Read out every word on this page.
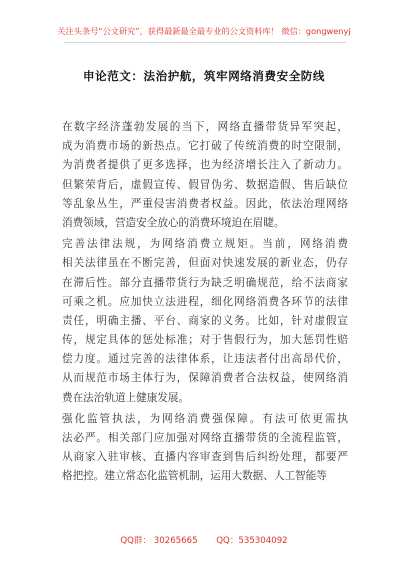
关注头条号“公文研究”，获得最新最全最专业的公文资料库！ 微信：gongwenyj
申论范文：法治护航，筑牢网络消费安全防线
在数字经济蓬勃发展的当下，网络直播带货异军突起，
成为消费市场的新热点。它打破了传统消费的时空限制，
为消费者提供了更多选择，也为经济增长注入了新动力。
但繁荣背后，虚假宣传、假冒伪劣、数据造假、售后缺位
等乱象丛生，严重侵害消费者权益。因此，依法治理网络
消费领域，营造安全放心的消费环境迫在眉睫。
完善法律法规，为网络消费立规矩。当前，网络消费
相关法律虽在不断完善，但面对快速发展的新业态，仍存
在滞后性。部分直播带货行为缺乏明确规范，给不法商家
可乘之机。应加快立法进程，细化网络消费各环节的法律
责任，明确主播、平台、商家的义务。比如，针对虚假宣
传，规定具体的惩处标准；对于售假行为，加大惩罚性赔
偿力度。通过完善的法律体系，让违法者付出高昂代价，
从而规范市场主体行为，保障消费者合法权益，使网络消
费在法治轨道上健康发展。
强化监管执法，为网络消费强保障。有法可依更需执
法必严。相关部门应加强对网络直播带货的全流程监管，
从商家入驻审核、直播内容审查到售后纠纷处理，都要严
格把控。建立常态化监管机制，运用大数据、人工智能等
QQ群： 30265665 QQ：535304092
